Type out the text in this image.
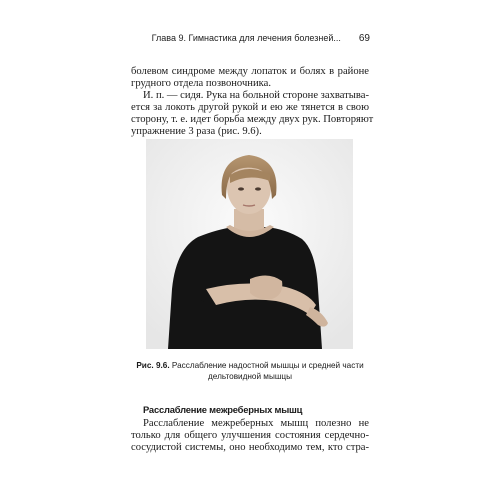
Глава 9. Гимнастика для лечения болезней... 69

болевом синдроме между лопаток и болях в районе
грудного отдела позвоночника.

И. п. — сидя. Рука на больной стороне захватыва-
ется за локоть другой рукой и ею же тянется в свою
сторону, т. е. идет борьба между двух рук. Повторяют
упражнение 3 раза (рис. 9.6).

Рис. 9.6. Расслабление надостной мышцы и средней части
дельтовидной мышцы
Расслабление межреберных мышц

Расслабление межреберных мышц полезно не
только для общего улучшения состояния сердечно-
сосудистой системы, оно необходимо тем, кто стра-
